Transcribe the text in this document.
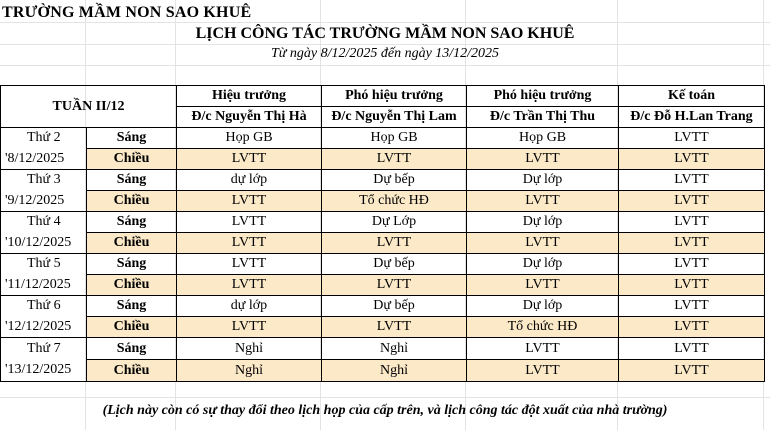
TRƯỜNG MẦM NON SAO KHUÊ
LỊCH CÔNG TÁC TRƯỜNG MẦM NON SAO KHUÊ
Từ ngày 8/12/2025 đến ngày 13/12/2025
TUẦN II/12		Hiệu trưởng	Phó hiệu trưởng	Phó hiệu trưởng	Kế toán
		Đ/c Nguyễn Thị Hà	Đ/c Nguyễn Thị Lam	Đ/c Trần Thị Thu	Đ/c Đỗ H.Lan Trang
Thứ 2	Sáng	Họp GB	Họp GB	Họp GB	LVTT
'8/12/2025	Chiều	LVTT	LVTT	LVTT	LVTT
Thứ 3	Sáng	dự lớp	Dự bếp	Dự lớp	LVTT
'9/12/2025	Chiều	LVTT	Tổ chức HĐ	LVTT	LVTT
Thứ 4	Sáng	LVTT	Dự Lớp	Dự lớp	LVTT
'10/12/2025	Chiều	LVTT	LVTT	LVTT	LVTT
Thứ 5	Sáng	LVTT	Dự bếp	Dự lớp	LVTT
'11/12/2025	Chiều	LVTT	LVTT	LVTT	LVTT
Thứ 6	Sáng	dự lớp	Dự bếp	Dự lớp	LVTT
'12/12/2025	Chiều	LVTT	LVTT	Tổ chức HĐ	LVTT
Thứ 7	Sáng	Nghỉ	Nghỉ	LVTT	LVTT
'13/12/2025	Chiều	Nghỉ	Nghỉ	LVTT	LVTT
(Lịch này còn có sự thay đổi theo lịch họp của cấp trên, và lịch công tác đột xuất của nhà trường)
